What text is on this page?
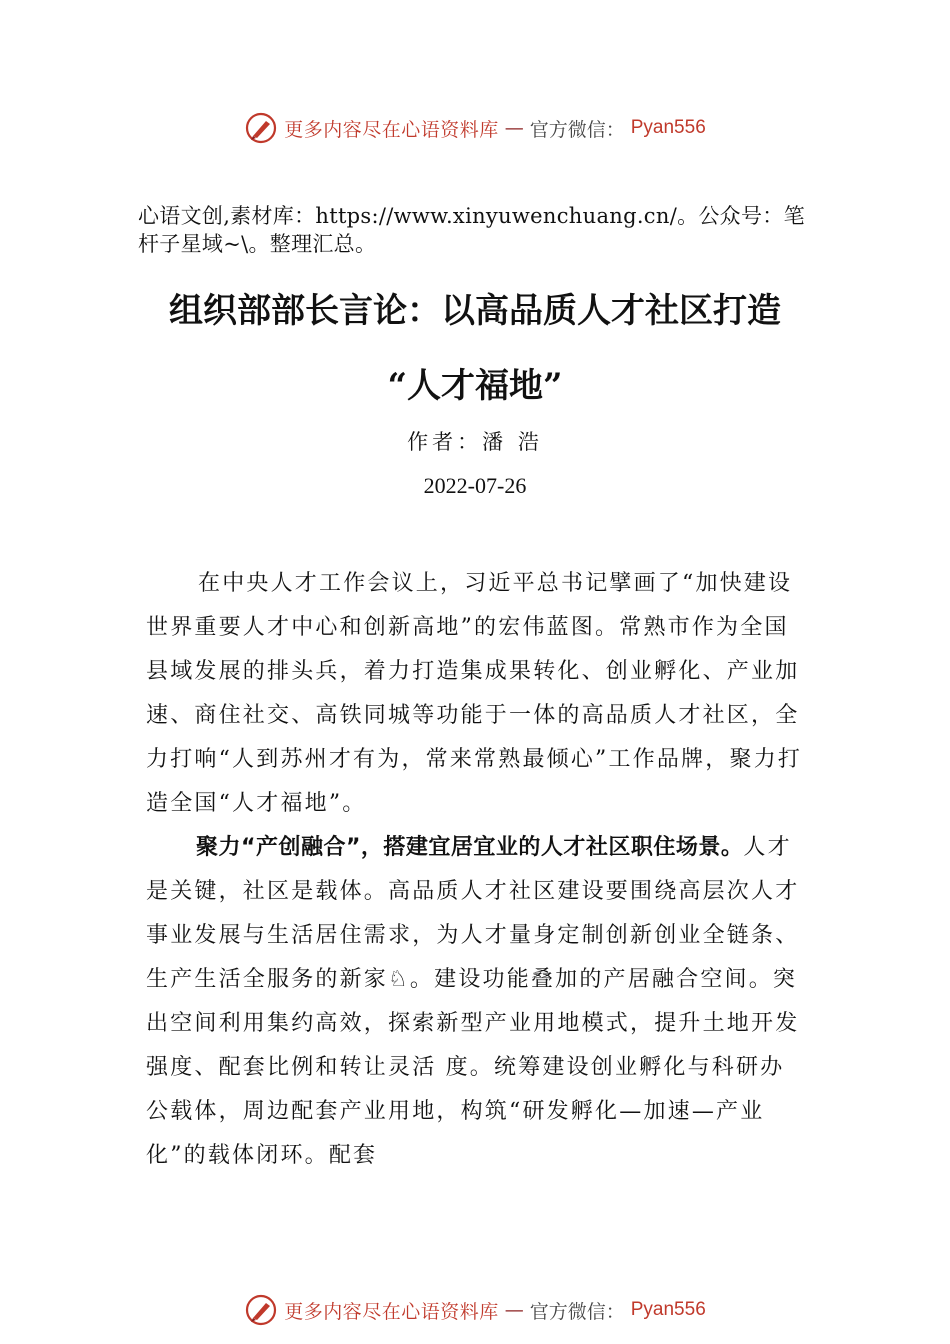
更多内容尽在心语资料库 — 官方微信： Pyan556
心语文创,素材库：https://www.xinyuwenchuang.cn/。公众号：笔杆子星域~\。整理汇总。
组织部部长言论：以高品质人才社区打造
“人才福地”
作者：潘 浩
2022-07-26

在中央人才工作会议上，习近平总书记擘画了“加快建设世界重要人才中心和创新高地”的宏伟蓝图。常熟市作为全国县域发展的排头兵，着力打造集成果转化、创业孵化、产业加速、商住社交、高铁同城等功能于一体的高品质人才社区，全力打响“人到苏州才有为，常来常熟最倾心”工作品牌，聚力打造全国“人才福地”。

聚力“产创融合”，搭建宜居宜业的人才社区职住场景。人才是关键，社区是载体。高品质人才社区建设要围绕高层次人才事业发展与生活居住需求，为人才量身定制创新创业全链条、生产生活全服务的新家♘。建设功能叠加的产居融合空间。突出空间利用集约高效，探索新型产业用地模式，提升土地开发强度、配套比例和转让灵活 度。统筹建设创业孵化与科研办公载体，周边配套产业用地，构筑“研发孵化—加速—产业化”的载体闭环。配套

更多内容尽在心语资料库 — 官方微信： Pyan556
